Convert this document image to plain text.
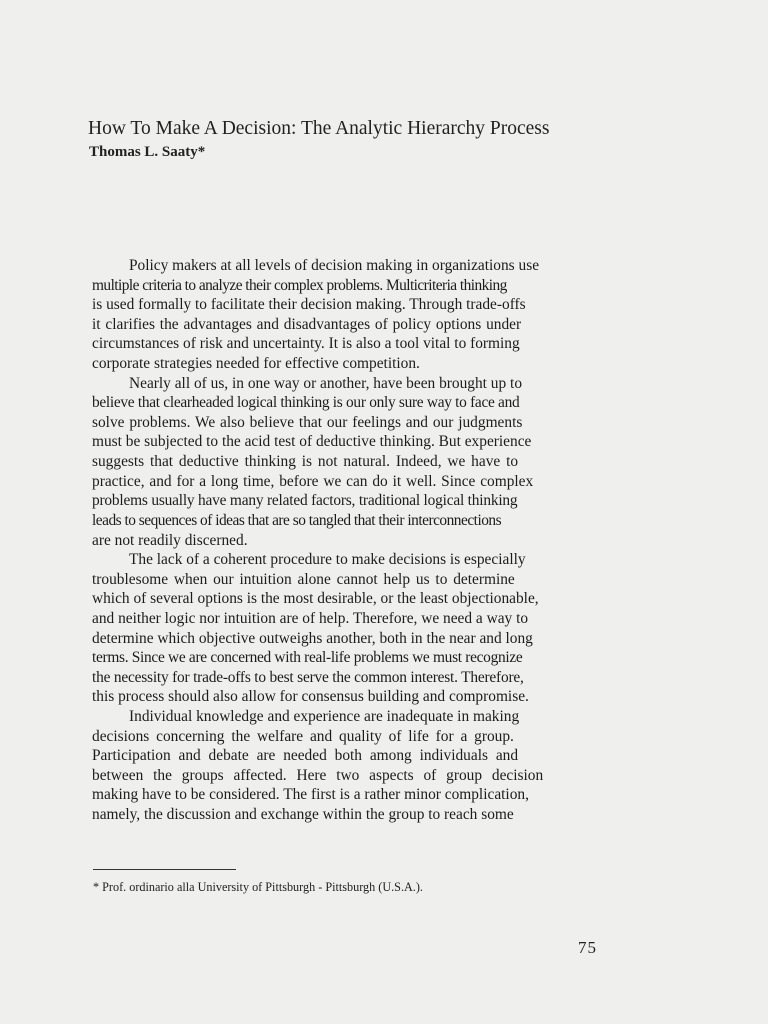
How To Make A Decision: The Analytic Hierarchy Process
Thomas L. Saaty*
Policy makers at all levels of decision making in organizations use
multiple criteria to analyze their complex problems. Multicriteria thinking
is used formally to facilitate their decision making. Through trade-offs
it clarifies the advantages and disadvantages of policy options under
circumstances of risk and uncertainty. It is also a tool vital to forming
corporate strategies needed for effective competition.
Nearly all of us, in one way or another, have been brought up to
believe that clearheaded logical thinking is our only sure way to face and
solve problems. We also believe that our feelings and our judgments
must be subjected to the acid test of deductive thinking. But experience
suggests that deductive thinking is not natural. Indeed, we have to
practice, and for a long time, before we can do it well. Since complex
problems usually have many related factors, traditional logical thinking
leads to sequences of ideas that are so tangled that their interconnections
are not readily discerned.
The lack of a coherent procedure to make decisions is especially
troublesome when our intuition alone cannot help us to determine
which of several options is the most desirable, or the least objectionable,
and neither logic nor intuition are of help. Therefore, we need a way to
determine which objective outweighs another, both in the near and long
terms. Since we are concerned with real-life problems we must recognize
the necessity for trade-offs to best serve the common interest. Therefore,
this process should also allow for consensus building and compromise.
Individual knowledge and experience are inadequate in making
decisions concerning the welfare and quality of life for a group.
Participation and debate are needed both among individuals and
between the groups affected. Here two aspects of group decision
making have to be considered. The first is a rather minor complication,
namely, the discussion and exchange within the group to reach some
* Prof. ordinario alla University of Pittsburgh - Pittsburgh (U.S.A.).
75
